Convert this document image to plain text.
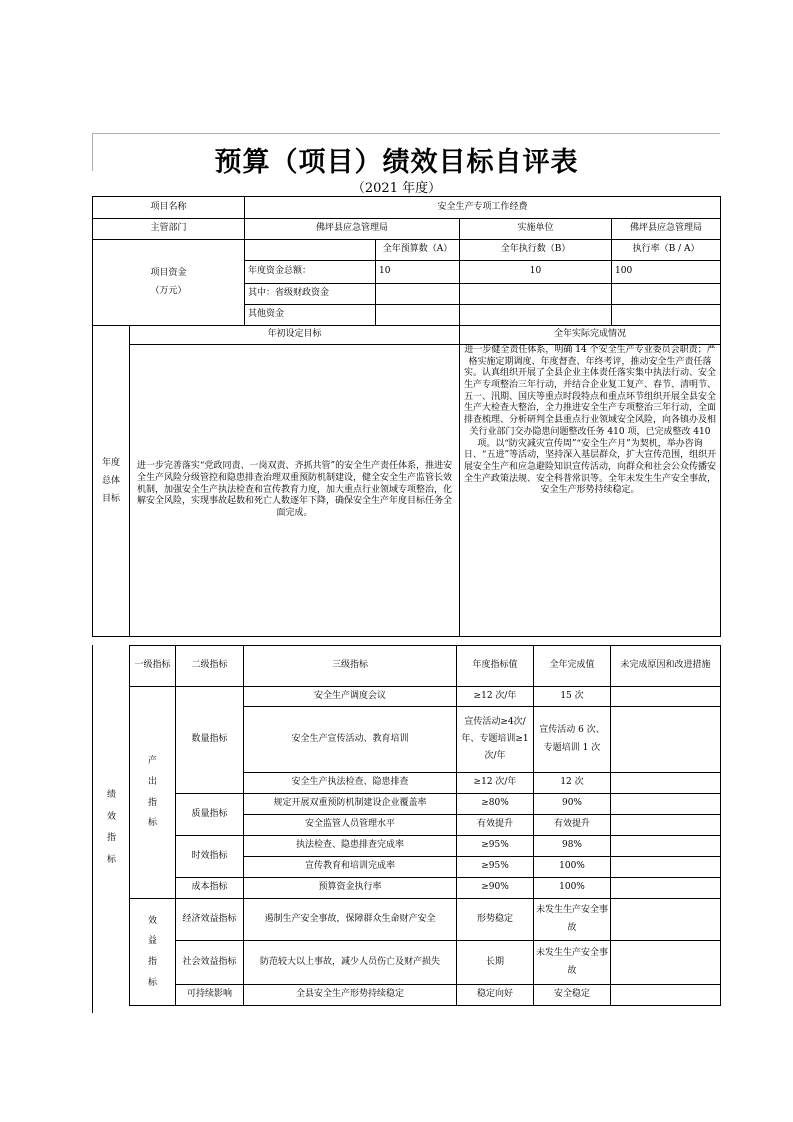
预算（项目）绩效目标自评表
（2021 年度）
项目名称		安全生产专项工作经费			
主管部门		佛坪县应急管理局		实施单位	佛坪县应急管理局

项目资金
（万元）			全年预算数（A）	全年执行数（B）	执行率（B / A）
		年度资金总额：	10	10	100
		其中：省级财政资金			
		其他资金			

年度
总体
目标	年初设定目标			全年实际完成情况	
	进一步完善落实“党政同责、一岗双责、齐抓共管”的安全生产责任体系，推进安全生产风险分级管控和隐患排查治理双重预防机制建设，健全安全生产监管长效机制，加强安全生产执法检查和宣传教育力度，加大重点行业领域专项整治，化解安全风险，实现事故起数和死亡人数逐年下降，确保安全生产年度目标任务全面完成。			进一步健全责任体系，明确 14 个安全生产专业委员会职责；严格实施定期调度、年度督查、年终考评，推动安全生产责任落实。认真组织开展了全县企业主体责任落实集中执法行动、安全生产专项整治三年行动，并结合企业复工复产、春节、清明节、五一、汛期、国庆等重点时段特点和重点环节组织开展全县安全生产大检查大整治，全力推进安全生产专项整治三年行动，全面排查梳理、分析研判全县重点行业领域安全风险，向各镇办及相关行业部门交办隐患问题整改任务 410 项，已完成整改 410 项。以“防灾减灾宣传周”“安全生产月”为契机，举办咨询日、“五进”等活动，坚持深入基层群众，扩大宣传范围，组织开展安全生产和应急避险知识宣传活动，向群众和社会公众传播安全生产政策法规、安全科普常识等。全年未发生生产安全事故，安全生产形势持续稳定。	
绩
效
指
标
一级指标	二级指标	三级指标	年度指标值	全年完成值	未完成原因和改进措施

产
出
指
标	数量指标	安全生产调度会议	≥12 次/年	15 次	
		安全生产宣传活动、教育培训	宣传活动≥4次/年、专题培训≥1次/年	宣传活动 6 次、专题培训 1 次	
		安全生产执法检查、隐患排查	≥12 次/年	12 次	
	质量指标	规定开展双重预防机制建设企业覆盖率	≥80%	90%	
		安全监管人员管理水平	有效提升	有效提升	
	时效指标	执法检查、隐患排查完成率	≥95%	98%	
		宣传教育和培训完成率	≥95%	100%	
	成本指标	预算资金执行率	≥90%	100%	

效
益
指
标	经济效益指标	遏制生产安全事故，保障群众生命财产安全	形势稳定	未发生生产安全事故	
	社会效益指标	防范较大以上事故，减少人员伤亡及财产损失	长期	未发生生产安全事故	
	可持续影响	全县安全生产形势持续稳定	稳定向好	安全稳定	
